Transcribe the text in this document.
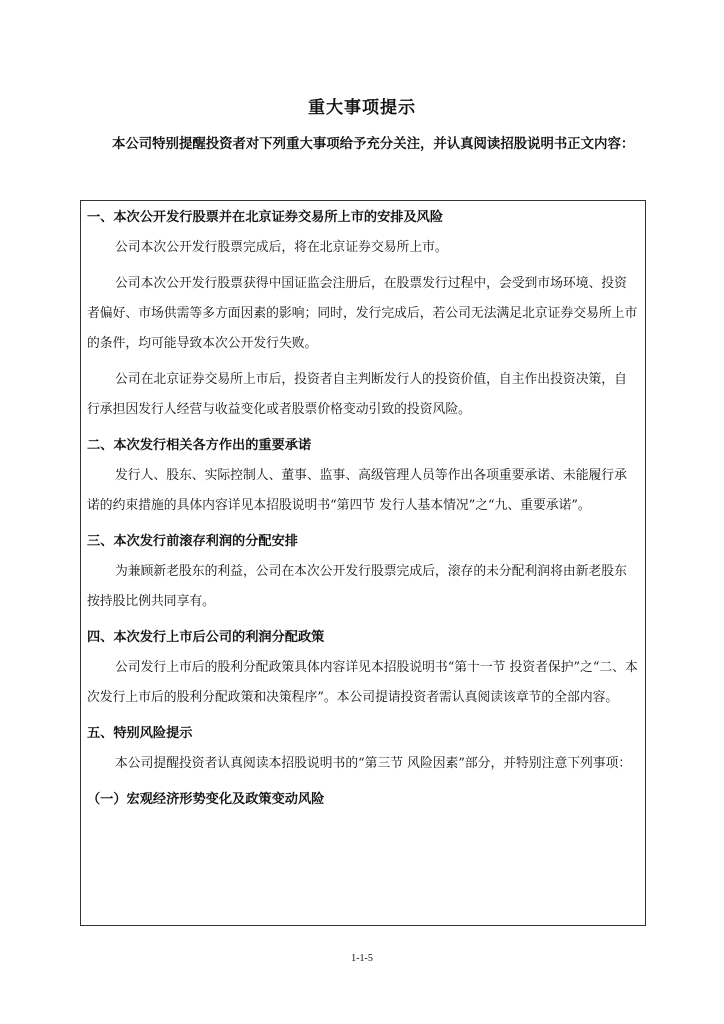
重大事项提示

本公司特别提醒投资者对下列重大事项给予充分关注，并认真阅读招股说明书正文内容：

一、本次公开发行股票并在北京证券交易所上市的安排及风险

公司本次公开发行股票完成后，将在北京证券交易所上市。

公司本次公开发行股票获得中国证监会注册后，在股票发行过程中，会受到市场环境、投资者偏好、市场供需等多方面因素的影响；同时，发行完成后，若公司无法满足北京证券交易所上市的条件，均可能导致本次公开发行失败。

公司在北京证券交易所上市后，投资者自主判断发行人的投资价值，自主作出投资决策，自行承担因发行人经营与收益变化或者股票价格变动引致的投资风险。

二、本次发行相关各方作出的重要承诺

发行人、股东、实际控制人、董事、监事、高级管理人员等作出各项重要承诺、未能履行承诺的约束措施的具体内容详见本招股说明书“第四节 发行人基本情况”之“九、重要承诺”。

三、本次发行前滚存利润的分配安排

为兼顾新老股东的利益，公司在本次公开发行股票完成后，滚存的未分配利润将由新老股东按持股比例共同享有。

四、本次发行上市后公司的利润分配政策

公司发行上市后的股利分配政策具体内容详见本招股说明书“第十一节 投资者保护”之“二、本次发行上市后的股利分配政策和决策程序”。本公司提请投资者需认真阅读该章节的全部内容。

五、特别风险提示

本公司提醒投资者认真阅读本招股说明书的“第三节 风险因素”部分，并特别注意下列事项：

（一）宏观经济形势变化及政策变动风险

1-1-5
